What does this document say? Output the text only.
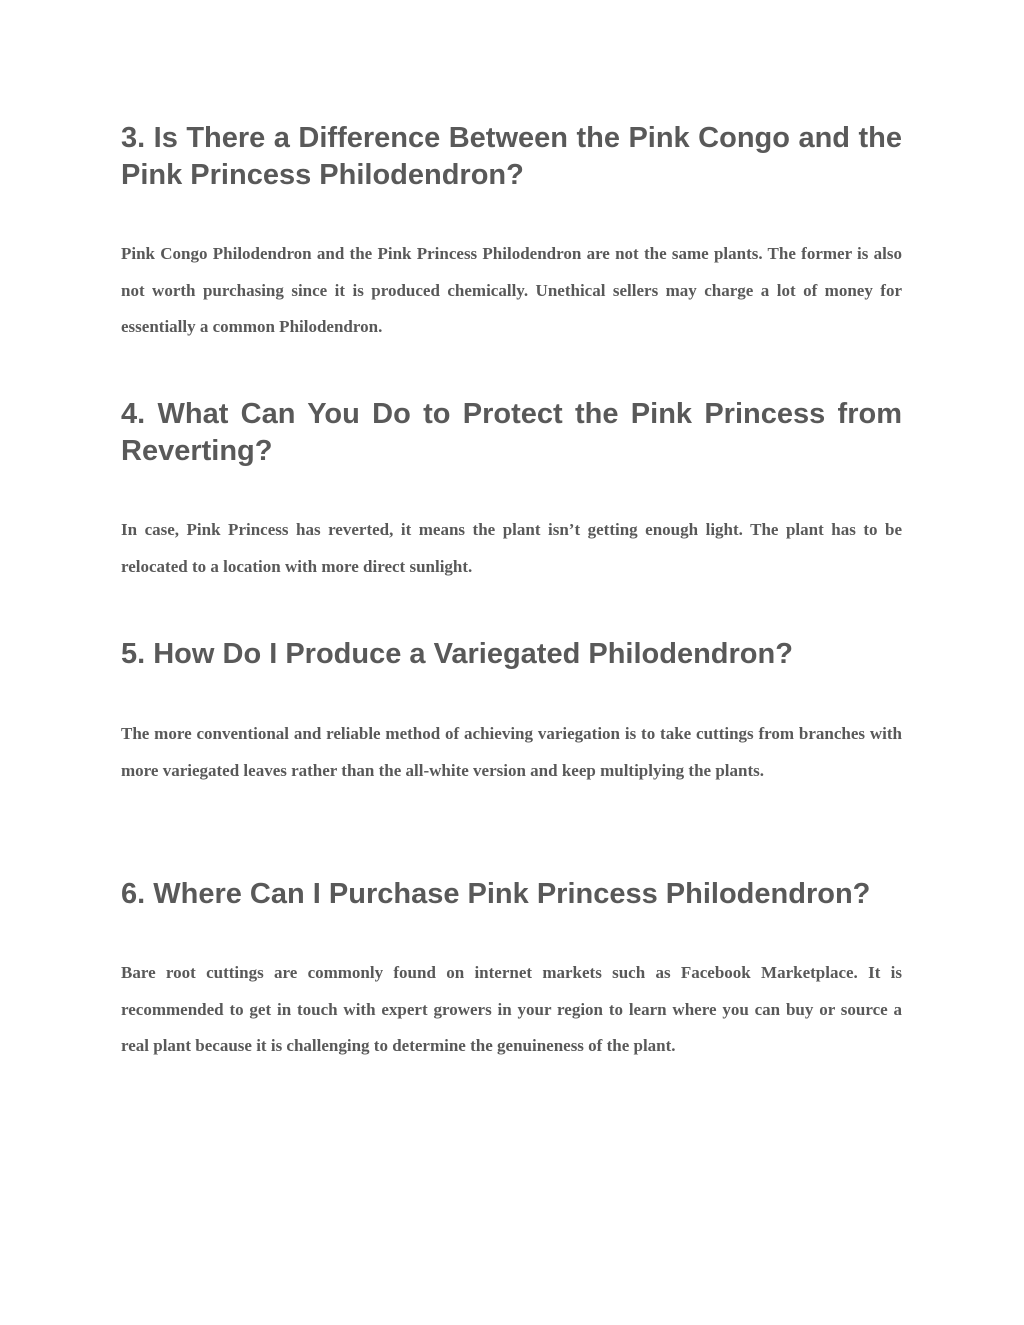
3. Is There a Difference Between the Pink Congo and the Pink Princess Philodendron?

Pink Congo Philodendron and the Pink Princess Philodendron are not the same plants. The former is also not worth purchasing since it is produced chemically. Unethical sellers may charge a lot of money for essentially a common Philodendron.

4. What Can You Do to Protect the Pink Princess from Reverting?

In case, Pink Princess has reverted, it means the plant isn’t getting enough light. The plant has to be relocated to a location with more direct sunlight.

5. How Do I Produce a Variegated Philodendron?

The more conventional and reliable method of achieving variegation is to take cuttings from branches with more variegated leaves rather than the all-white version and keep multiplying the plants.

6. Where Can I Purchase Pink Princess Philodendron?

Bare root cuttings are commonly found on internet markets such as Facebook Marketplace. It is recommended to get in touch with expert growers in your region to learn where you can buy or source a real plant because it is challenging to determine the genuineness of the plant.
